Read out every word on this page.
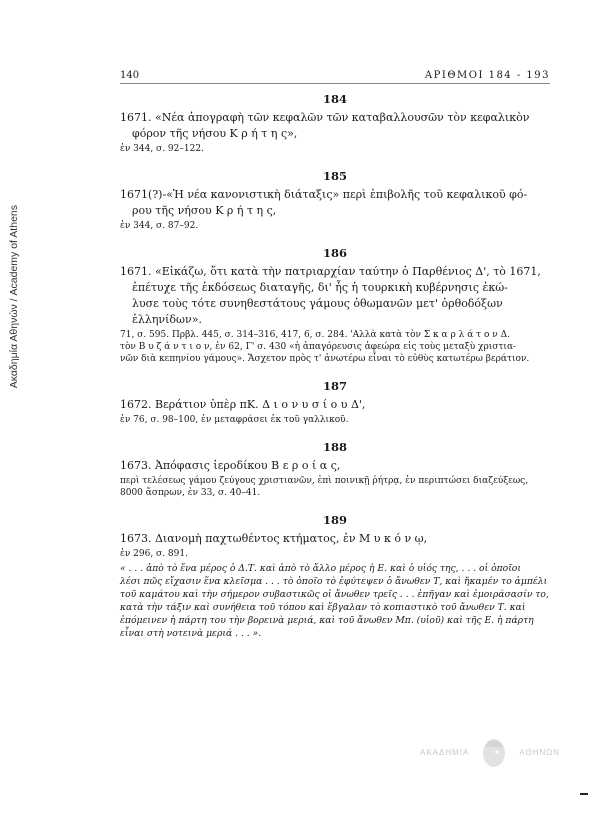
Ακαδημία Αθηνών / Academy of Athens
140	ΑΡΙΘΜΟΙ 184 - 193
184
1671. «Νέα ἀπογραφὴ τῶν κεφαλῶν τῶν καταβαλλουσῶν τὸν κεφαλικὸν
φόρον τῆς νήσου Κ ρ ή τ η ς»,
ἐν 344, σ. 92–122.
185
1671(?)-«Ἡ νέα κανονιστικὴ διάταξις» περὶ ἐπιβολῆς τοῦ κεφαλικοῦ φό-
ρου τῆς νήσου Κ ρ ή τ η ς,
ἐν 344, σ. 87–92.
186
1671. «Εἰκάζω, ὅτι κατὰ τὴν πατριαρχίαν ταύτην ὁ Παρθένιος Δ', τὸ 1671,
ἐπέτυχε τῆς ἐκδόσεως διαταγῆς, δι' ἧς ἡ τουρκικὴ κυβέρνησις ἐκώ-
λυσε τοὺς τότε συνηθεστάτους γάμους ὀθωμανῶν μετ' ὀρθοδόξων
ἑλληνίδων».
71, σ. 595. Πρβλ. 445, σ. 314–316, 417, 6, σ. 284. 'Αλλὰ κατὰ τὸν Σ κ α ρ λ ά τ ο ν Δ.
τὸν Β υ ζ ά ν τ ι ο ν, ἐν 62, Γ' σ. 430 «ἡ ἀπαγόρευσις ἀφεώρα εἰς τοὺς μεταξὺ χριστια-
νῶν διὰ κεπηνίου γάμους». Ἄσχετον πρὸς τ' ἀνωτέρω εἶναι τὸ εὐθὺς κατωτέρω βεράτιον.
187
1672. Βεράτιον ὑπὲρ πΚ. Δ ι ο ν υ σ ί ο υ Δ',
ἐν 76, σ. 98–100, ἐν μεταφράσει ἐκ τοῦ γαλλικοῦ.
188
1673. Ἀπόφασις ἱεροδίκου Β ε ρ ο ί α ς,
περὶ τελέσεως γάμου ζεύγους χριστιανῶν, ἐπὶ ποινικῇ ῥήτρᾳ, ἐν περιπτώσει διαζεύξεως,
8000 ἄσπρων, ἐν 33, σ. 40–41.
189
1673. Διανομὴ παχτωθέντος κτήματος, ἐν Μ υ κ ό ν ῳ,
ἐν 296, σ. 891.
« . . . ἀπὸ τὸ ἕνα μέρος ὁ Δ.Τ. καὶ ἀπὸ τὸ ἄλλο μέρος ἡ Ε. καὶ ὁ υἱός της, . . . οἱ ὁποῖοι
λέσι πῶς εἴχασιν ἕνα κλεῖσμα . . . τὸ ὁποῖο τὸ ἐφύτεψεν ὁ ἄνωθεν Τ, καὶ ἤκαμέν το ἀμπέλι
τοῦ καμάτου καὶ τὴν σήμερον συβαστικῶς οἱ ἄνωθεν τρεῖς . . . ἐπῆγαν καὶ ἐμοιράσασίν το,
κατὰ τὴν τάξιν καὶ συνήθεια τοῦ τόπου καὶ ἔβγαλαν τὸ κοπιαστικὸ τοῦ ἄνωθεν Τ. καὶ
ἐπόμεινεν ἡ πάρτη του τὴν βορεινὰ μεριά, καὶ τοῦ ἄνωθεν Μπ. (υἱοῦ) καὶ τῆς Ε. ἡ πάρτη
εἶναι στὴ νοτεινὰ μεριά . . . ».
ΑΚΑΔΗΜΙΑ	ΑΘΗΝΩΝ
